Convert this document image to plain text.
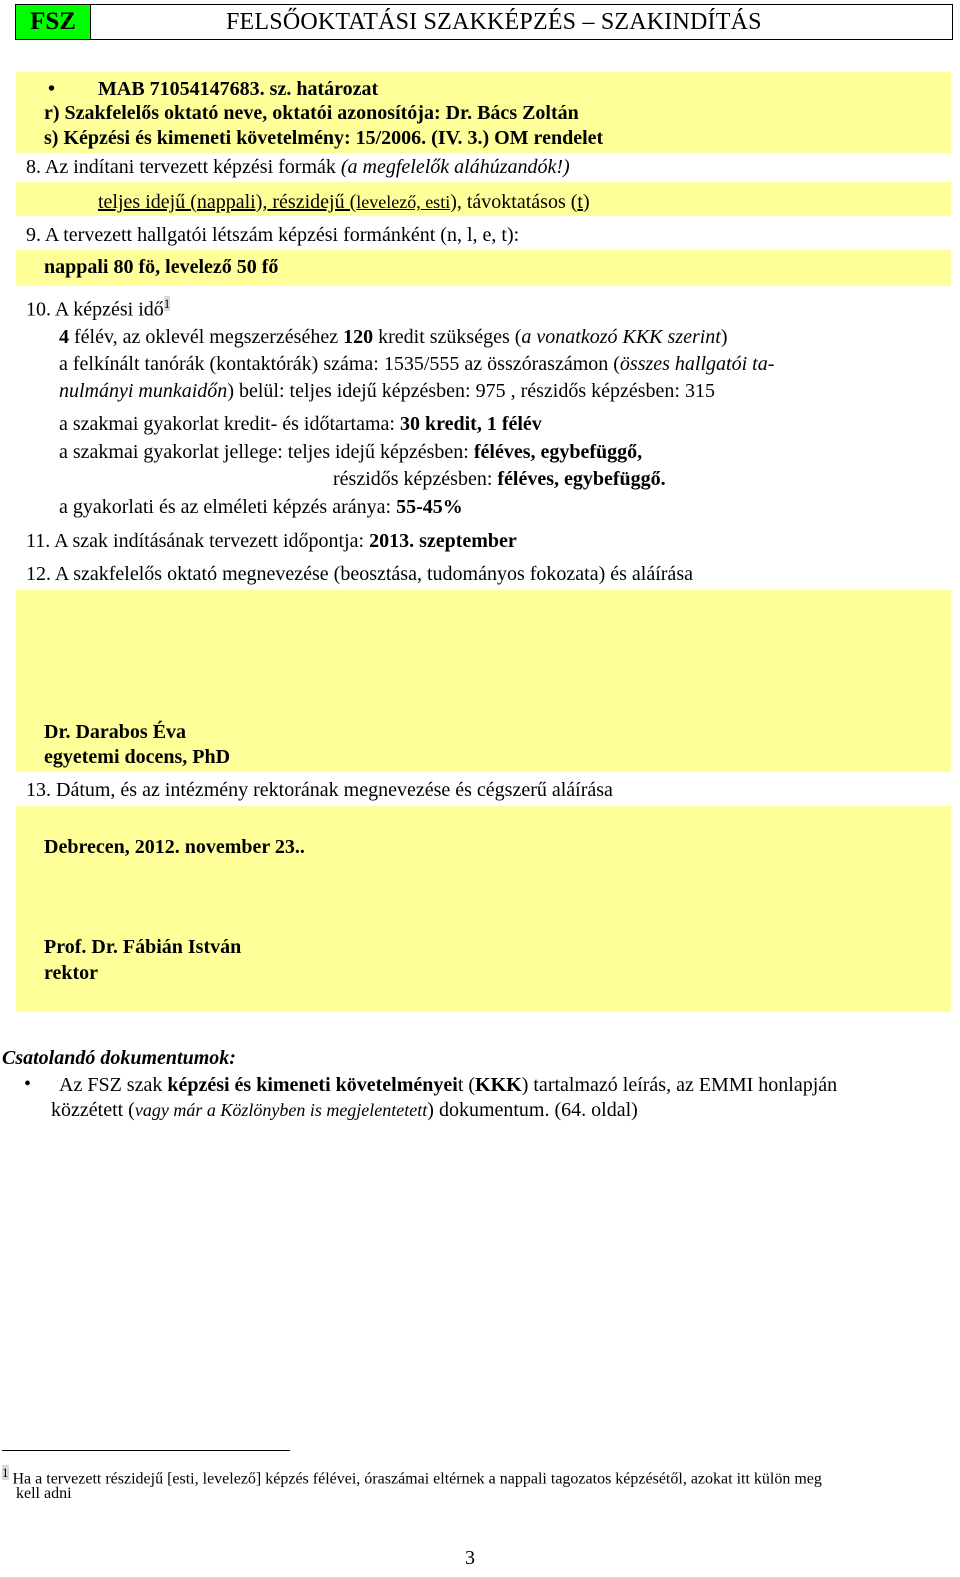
FSZ	FELSŐOKTATÁSI SZAKKÉPZÉS – SZAKINDÍTÁS
• MAB 71054147683. sz. határozat
r) Szakfelelős oktató neve, oktatói azonosítója: Dr. Bács Zoltán
s) Képzési és kimeneti követelmény: 15/2006. (IV. 3.) OM rendelet
8. Az indítani tervezett képzési formák (a megfelelők aláhúzandók!)
teljes idejű (nappali), részidejű (levelező, esti), távoktatásos (t)
9. A tervezett hallgatói létszám képzési formánként (n, l, e, t):
nappali 80 fö, levelező 50 fő
10. A képzési idő$^1$
4 félév, az oklevél megszerzéséhez 120 kredit szükséges (a vonatkozó KKK szerint)
a felkínált tanórák (kontaktórák) száma: 1535/555 az összóraszámon (összes hallgatói ta-
nulmányi munkaidőn) belül: teljes idejű képzésben: 975 , részidős képzésben: 315
a szakmai gyakorlat kredit- és időtartama: 30 kredit, 1 félév
a szakmai gyakorlat jellege: teljes idejű képzésben: féléves, egybefüggő,
részidős képzésben: féléves, egybefüggő.
a gyakorlati és az elméleti képzés aránya: 55-45%
11. A szak indításának tervezett időpontja: 2013. szeptember
12. A szakfelelős oktató megnevezése (beosztása, tudományos fokozata) és aláírása
Dr. Darabos Éva
egyetemi docens, PhD
13. Dátum, és az intézmény rektorának megnevezése és cégszerű aláírása
Debrecen, 2012. november 23..
Prof. Dr. Fábián István
rektor
Csatolandó dokumentumok:
• Az FSZ szak képzési és kimeneti követelményeit (KKK) tartalmazó leírás, az EMMI honlapján
közzétett (vagy már a Közlönyben is megjelentetett) dokumentum. (64. oldal)
$^1$ Ha a tervezett részidejű [esti, levelező] képzés félévei, óraszámai eltérnek a nappali tagozatos képzésétől, azokat itt külön meg
kell adni
3
